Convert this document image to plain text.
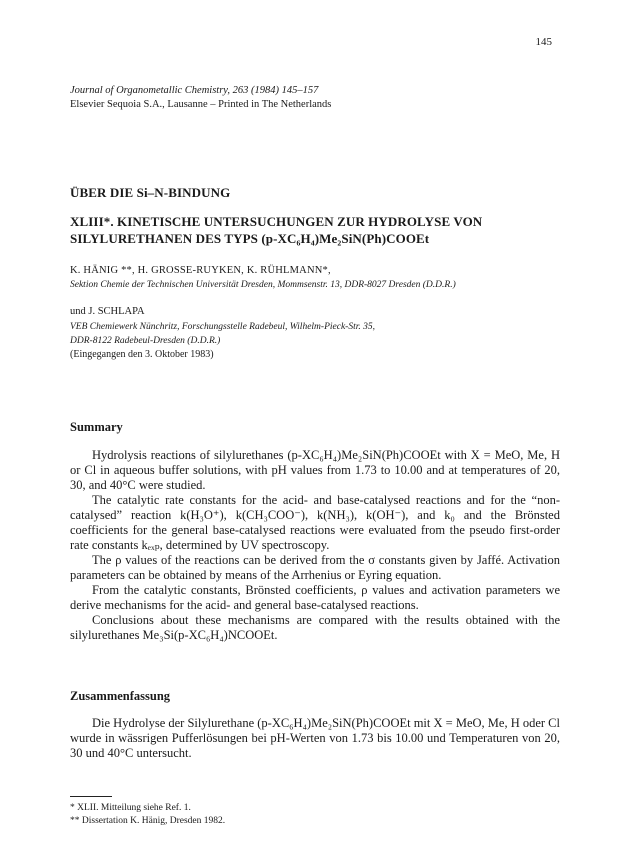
145
Journal of Organometallic Chemistry, 263 (1984) 145–157
Elsevier Sequoia S.A., Lausanne – Printed in The Netherlands
ÜBER DIE Si–N-BINDUNG
XLIII*. KINETISCHE UNTERSUCHUNGEN ZUR HYDROLYSE VON
SILYLURETHANEN DES TYPS (p-XC₆H₄)Me₂SiN(Ph)COOEt
K. HÄNIG **, H. GROSSE-RUYKEN, K. RÜHLMANN*,
Sektion Chemie der Technischen Universität Dresden, Mommsenstr. 13, DDR-8027 Dresden (D.D.R.)
und J. SCHLAPA
VEB Chemiewerk Nünchritz, Forschungsstelle Radebeul, Wilhelm-Pieck-Str. 35,
DDR-8122 Radebeul-Dresden (D.D.R.)
(Eingegangen den 3. Oktober 1983)
Summary

Hydrolysis reactions of silylurethanes (p-XC₆H₄)Me₂SiN(Ph)COOEt with X = MeO, Me, H or Cl in aqueous buffer solutions, with pH values from 1.73 to 10.00 and at temperatures of 20, 30, and 40°C were studied.

The catalytic rate constants for the acid- and base-catalysed reactions and for the “non-catalysed” reaction k(H₃O⁺), k(CH₃COO⁻), k(NH₃), k(OH⁻), and k₀ and the Brönsted coefficients for the general base-catalysed reactions were evaluated from the pseudo first-order rate constants kₑₓₚ, determined by UV spectroscopy.

The ρ values of the reactions can be derived from the σ constants given by Jaffé. Activation parameters can be obtained by means of the Arrhenius or Eyring equation.

From the catalytic constants, Brönsted coefficients, ρ values and activation parameters we derive mechanisms for the acid- and general base-catalysed reactions.

Conclusions about these mechanisms are compared with the results obtained with the silylurethanes Me₃Si(p-XC₆H₄)NCOOEt.

Zusammenfassung

Die Hydrolyse der Silylurethane (p-XC₆H₄)Me₂SiN(Ph)COOEt mit X = MeO, Me, H oder Cl wurde in wässrigen Pufferlösungen bei pH-Werten von 1.73 bis 10.00 und Temperaturen von 20, 30 und 40°C untersucht.

* XLII. Mitteilung siehe Ref. 1.
** Dissertation K. Hänig, Dresden 1982.
